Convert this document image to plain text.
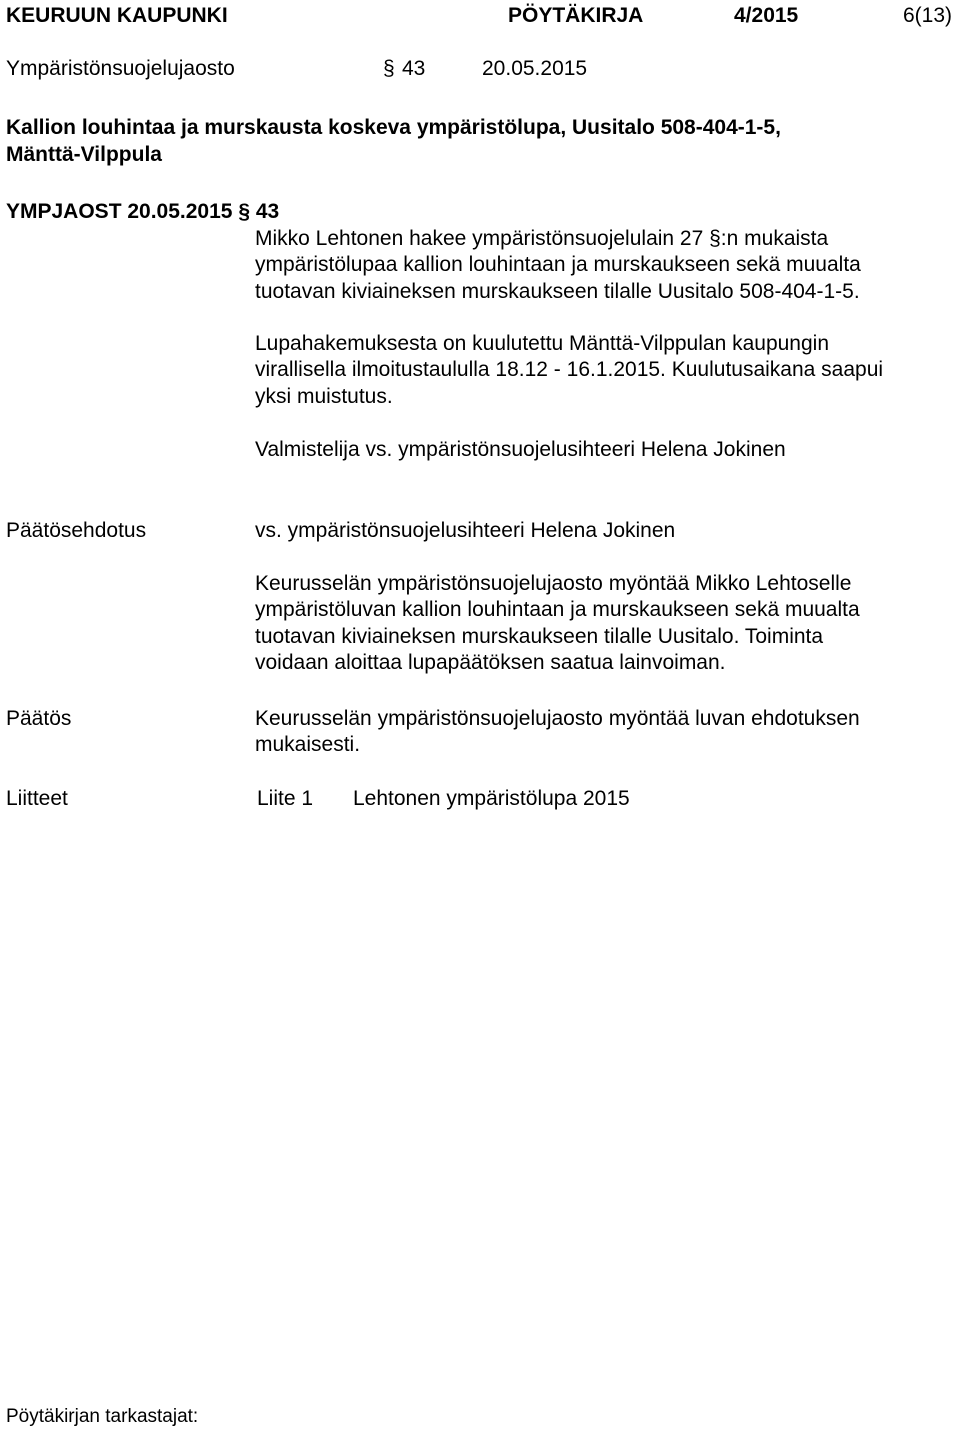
KEURUUN KAUPUNKI	PÖYTÄKIRJA	4/2015	6(13)
Ympäristönsuojelujaosto	§ 43	20.05.2015
Kallion louhintaa ja murskausta koskeva ympäristölupa, Uusitalo 508-404-1-5,
Mänttä-Vilppula
YMPJAOST 20.05.2015 § 43
Mikko Lehtonen hakee ympäristönsuojelulain 27 §:n mukaista
ympäristölupaa kallion louhintaan ja murskaukseen sekä muualta
tuotavan kiviaineksen murskaukseen tilalle Uusitalo 508-404-1-5.
Lupahakemuksesta on kuulutettu Mänttä-Vilppulan kaupungin
virallisella ilmoitustaululla 18.12 - 16.1.2015. Kuulutusaikana saapui
yksi muistutus.
Valmistelija vs. ympäristönsuojelusihteeri Helena Jokinen
Päätösehdotus	vs. ympäristönsuojelusihteeri Helena Jokinen
Keurusselän ympäristönsuojelujaosto myöntää Mikko Lehtoselle
ympäristöluvan kallion louhintaan ja murskaukseen sekä muualta
tuotavan kiviaineksen murskaukseen tilalle Uusitalo. Toiminta
voidaan aloittaa lupapäätöksen saatua lainvoiman.
Päätös	Keurusselän ympäristönsuojelujaosto myöntää luvan ehdotuksen
mukaisesti.
Liitteet	Liite 1 Lehtonen ympäristölupa 2015
Pöytäkirjan tarkastajat:
